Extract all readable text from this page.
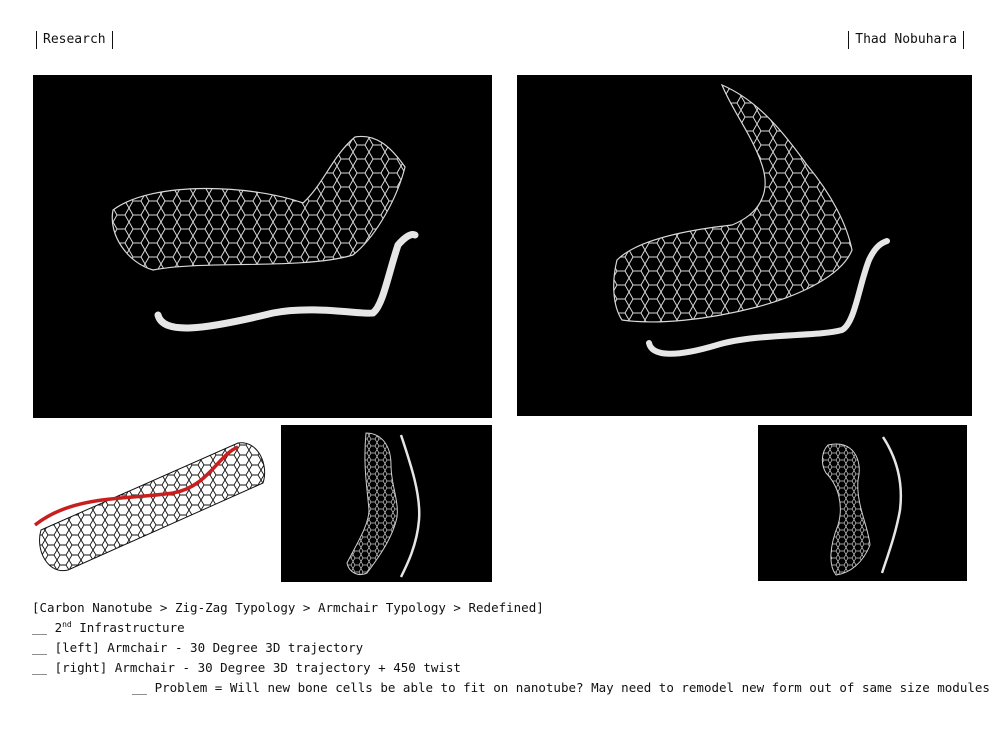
Research	Thad Nobuhara
[Carbon Nanotube > Zig-Zag Typology > Armchair Typology > Redefined]
__ 2nd Infrastructure
__ [left] Armchair - 30 Degree 3D trajectory
__ [right] Armchair - 30 Degree 3D trajectory + 450 twist
__ Problem = Will new bone cells be able to fit on nanotube? May need to remodel new form out of same size modules
